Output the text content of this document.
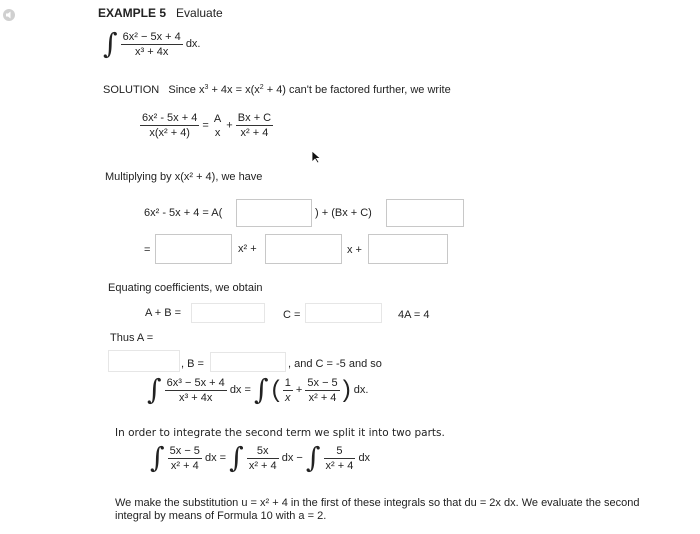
EXAMPLE 5 Evaluate
∫ $\frac{\text{6x² − 5x + 4}}{\text{x³ + 4x}}$ dx.
SOLUTION Since $x^3 + 4x = x(x^2 + 4)$ can't be factored further, we write
$\frac{\text{6x² - 5x + 4}}{\text{x(x² + 4)}}$ =
A
x
+ $\frac{Bx + C}{\text{x² + 4}}$
Multiplying by x(x² + 4), we have
6x² - 5x + 4 = A(	) + (Bx + C)
=	x² +	x +
Equating coefficients, we obtain
A + B =	C =	4A = 4
Thus A =
, B =	, and C = -5 and so
∫ $\frac{\text{6x³ − 5x + 4}}{\text{x³ + 4x}}$ dx = ∫ ( $\frac{1}{x} + \frac{5x - 5}{\text{x² + 4}}$ ) dx.
In order to integrate the second term we split it into two parts.
∫ $\frac{5x - 5}{\text{x² + 4}}$ dx = ∫ $\frac{5x}{\text{x² + 4}}$ dx − ∫ $\frac{5}{\text{x² + 4}}$ dx
We make the substitution u = x² + 4 in the first of these integrals so that du = 2x dx. We evaluate the second
integral by means of Formula 10 with a = 2.
